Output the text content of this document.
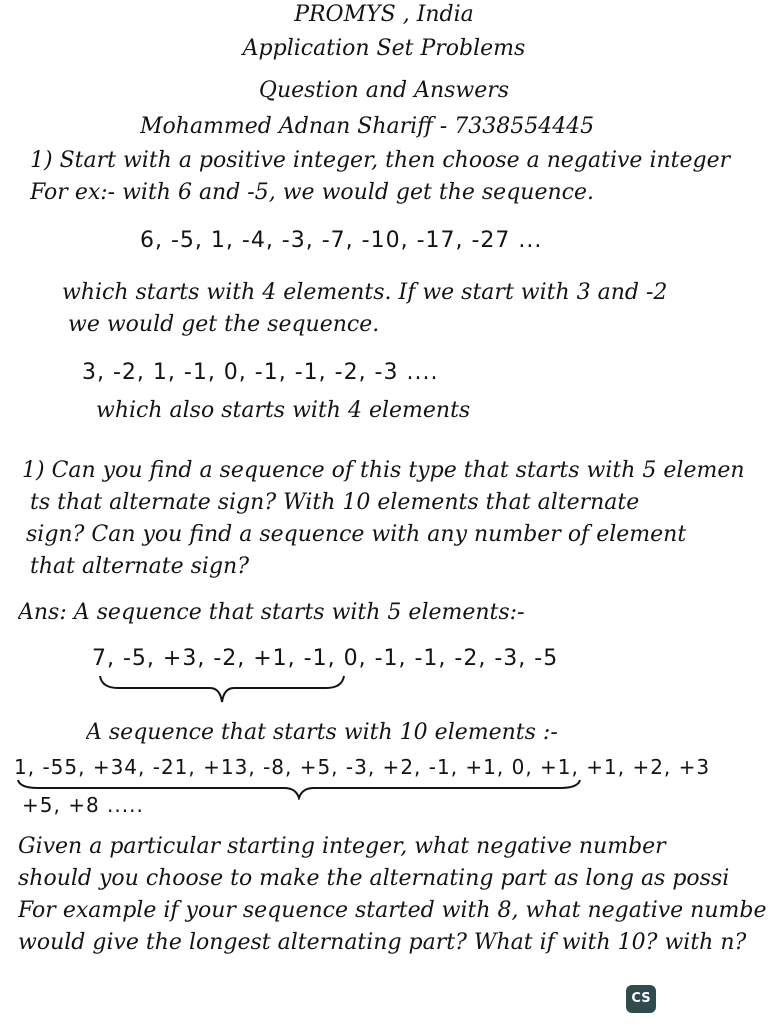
PROMYS , India
Application Set Problems
Question and Answers
Mohammed Adnan Shariff - 7338554445
1) Start with a positive integer, then choose a negative integer
For ex:- with 6 and -5, we would get the sequence.
6, -5, 1, -4, -3, -7, -10, -17, -27 ...
which starts with 4 elements. If we start with 3 and -2
we would get the sequence.
3, -2, 1, -1, 0, -1, -1, -2, -3 ....
which also starts with 4 elements
1) Can you find a sequence of this type that starts with 5 elemen
ts that alternate sign? With 10 elements that alternate
sign? Can you find a sequence with any number of element
that alternate sign?
Ans: A sequence that starts with 5 elements:-
7, -5, +3, -2, +1, -1, 0, -1, -1, -2, -3, -5
A sequence that starts with 10 elements :-
1, -55, +34, -21, +13, -8, +5, -3, +2, -1, +1, 0, +1, +1, +2, +3
+5, +8 .....
Given a particular starting integer, what negative number
should you choose to make the alternating part as long as possi
For example if your sequence started with 8, what negative numbe
would give the longest alternating part? What if with 10? with n?
CS
